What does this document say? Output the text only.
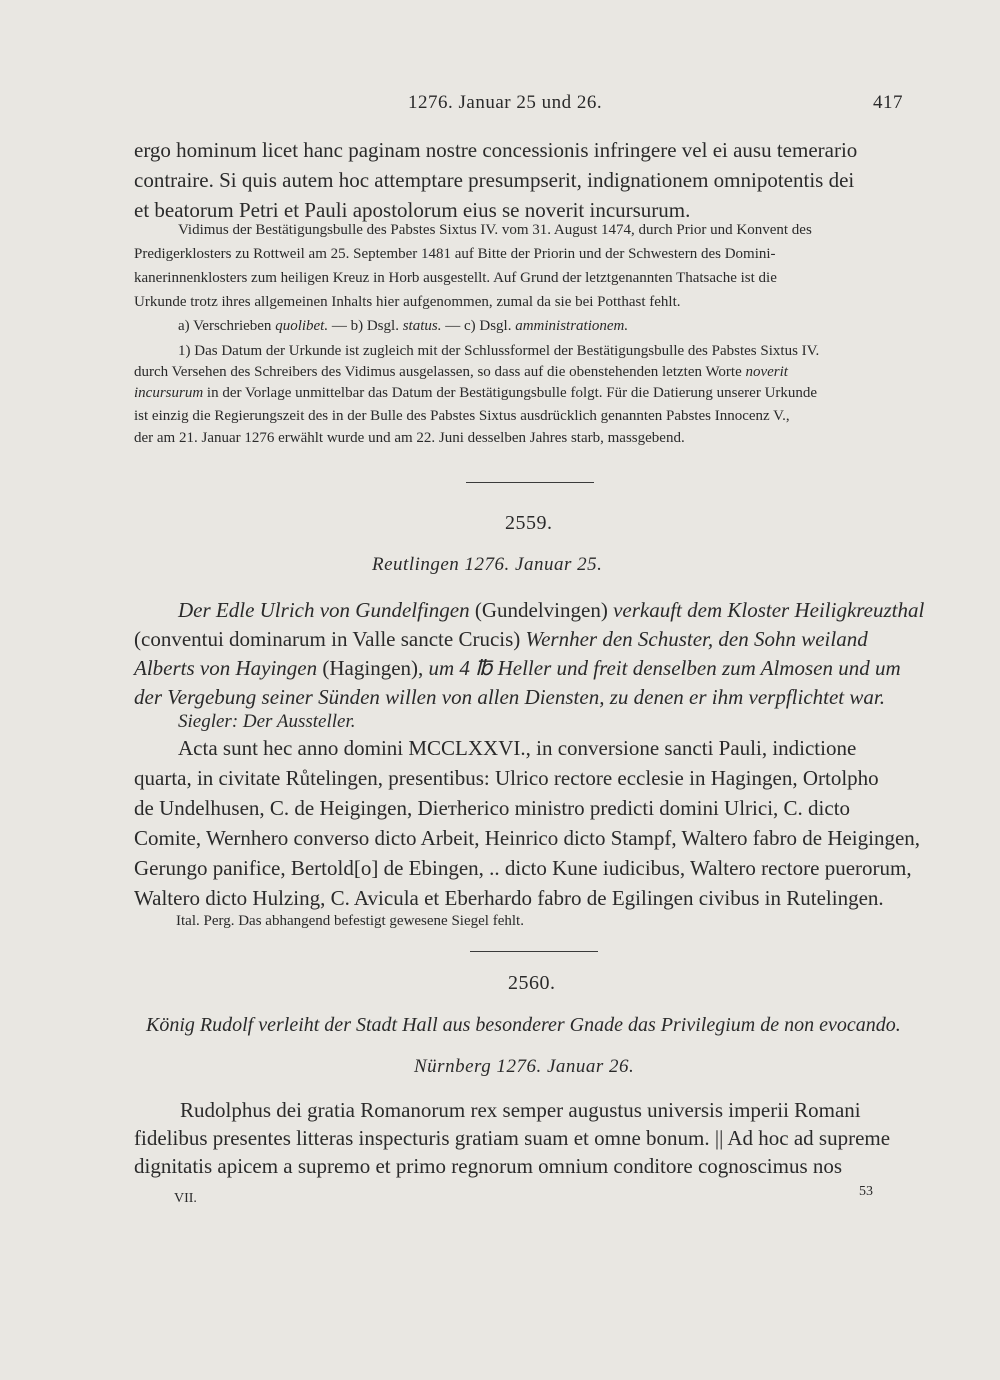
1276. Januar 25 und 26.	417
ergo hominum licet hanc paginam nostre concessionis infringere vel ei ausu temerario
contraire. Si quis autem hoc attemptare presumpserit, indignationem omnipotentis dei
et beatorum Petri et Pauli apostolorum eius se noverit incursurum.
Vidimus der Bestätigungsbulle des Pabstes Sixtus IV. vom 31. August 1474, durch Prior und Konvent des
Predigerklosters zu Rottweil am 25. September 1481 auf Bitte der Priorin und der Schwestern des Domini-
kanerinnenklosters zum heiligen Kreuz in Horb ausgestellt. Auf Grund der letztgenannten Thatsache ist die
Urkunde trotz ihres allgemeinen Inhalts hier aufgenommen, zumal da sie bei Potthast fehlt.
a) Verschrieben quolibet. — b) Dsgl. status. — c) Dsgl. amministrationem.
1) Das Datum der Urkunde ist zugleich mit der Schlussformel der Bestätigungsbulle des Pabstes Sixtus IV.
durch Versehen des Schreibers des Vidimus ausgelassen, so dass auf die obenstehenden letzten Worte noverit
incursurum in der Vorlage unmittelbar das Datum der Bestätigungsbulle folgt. Für die Datierung unserer Urkunde
ist einzig die Regierungszeit des in der Bulle des Pabstes Sixtus ausdrücklich genannten Pabstes Innocenz V.,
der am 21. Januar 1276 erwählt wurde und am 22. Juni desselben Jahres starb, massgebend.
2559.
Reutlingen 1276. Januar 25.
Der Edle Ulrich von Gundelfingen (Gundelvingen) verkauft dem Kloster Heiligkreuzthal
(conventui dominarum in Valle sancte Crucis) Wernher den Schuster, den Sohn weiland
Alberts von Hayingen (Hagingen), um 4 ℔ Heller und freit denselben zum Almosen und um
der Vergebung seiner Sünden willen von allen Diensten, zu denen er ihm verpflichtet war.
Siegler: Der Aussteller.
Acta sunt hec anno domini MCCLXXVI., in conversione sancti Pauli, indictione
quarta, in civitate Růtelingen, presentibus: Ulrico rectore ecclesie in Hagingen, Ortolpho
de Undelhusen, C. de Heigingen, Diетherico ministro predicti domini Ulrici, C. dicto
Comite, Wernhero converso dicto Arbeit, Heinrico dicto Stampf, Waltero fabro de Heigingen,
Gerungo panifice, Bertold[o] de Ebingen, .. dicto Kune iudicibus, Waltero rectore puerorum,
Waltero dicto Hulzing, C. Avicula et Eberhardo fabro de Egilingen civibus in Rutelingen.
Ital. Perg. Das abhangend befestigt gewesene Siegel fehlt.
2560.
König Rudolf verleiht der Stadt Hall aus besonderer Gnade das Privilegium de non evocando.
Nürnberg 1276. Januar 26.
Rudolphus dei gratia Romanorum rex semper augustus universis imperii Romani
fidelibus presentes litteras inspecturis gratiam suam et omne bonum. || Ad hoc ad supreme
dignitatis apicem a supremo et primo regnorum omnium conditore cognoscimus nos
VII.	53
